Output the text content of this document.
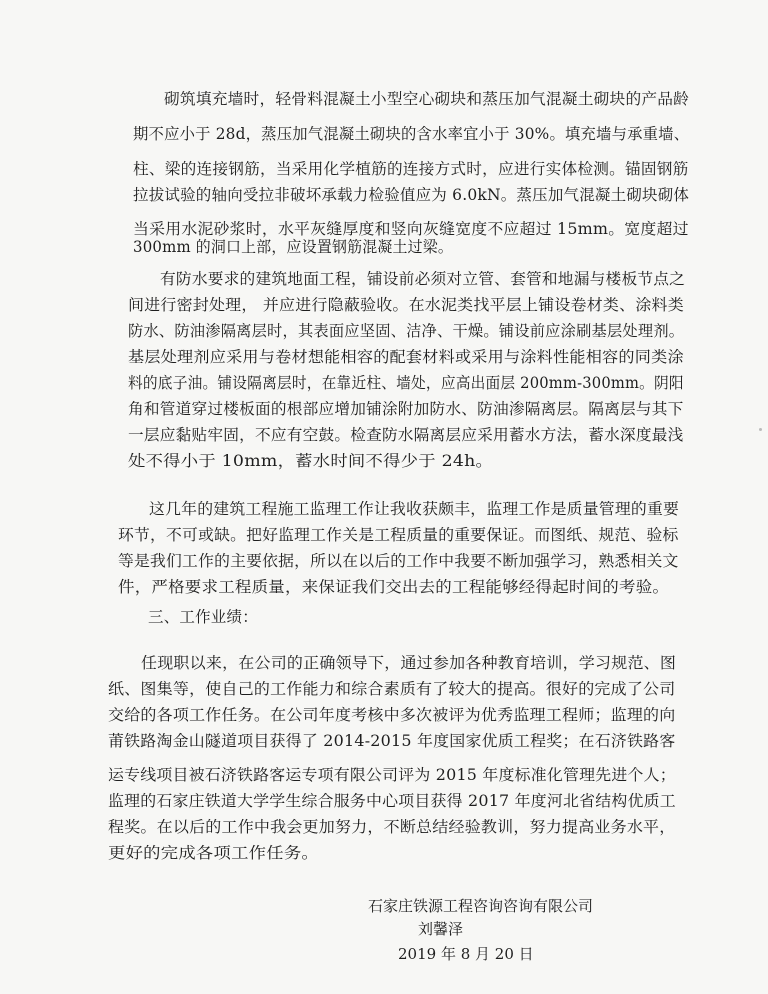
砌筑填充墙时，轻骨料混凝土小型空心砌块和蒸压加气混凝土砌块的产品龄
期不应小于 28d，蒸压加气混凝土砌块的含水率宜小于 30%。填充墙与承重墙、
柱、梁的连接钢筋，当采用化学植筋的连接方式时，应进行实体检测。锚固钢筋
拉拔试验的轴向受拉非破坏承载力检验值应为 6.0kN。蒸压加气混凝土砌块砌体
当采用水泥砂浆时，水平灰缝厚度和竖向灰缝宽度不应超过 15mm。宽度超过
300mm 的洞口上部，应设置钢筋混凝土过梁。
有防水要求的建筑地面工程，铺设前必须对立管、套管和地漏与楼板节点之
间进行密封处理， 并应进行隐蔽验收。在水泥类找平层上铺设卷材类、涂料类
防水、防油渗隔离层时，其表面应坚固、洁净、干燥。铺设前应涂刷基层处理剂。
基层处理剂应采用与卷材想能相容的配套材料或采用与涂料性能相容的同类涂
料的底子油。铺设隔离层时，在靠近柱、墙处，应高出面层 200mm-300mm。阴阳
角和管道穿过楼板面的根部应增加铺涂附加防水、防油渗隔离层。隔离层与其下
一层应黏贴牢固，不应有空鼓。检查防水隔离层应采用蓄水方法，蓄水深度最浅
处不得小于 10mm，蓄水时间不得少于 24h。
这几年的建筑工程施工监理工作让我收获颇丰，监理工作是质量管理的重要
环节，不可或缺。把好监理工作关是工程质量的重要保证。而图纸、规范、验标
等是我们工作的主要依据，所以在以后的工作中我要不断加强学习，熟悉相关文
件，严格要求工程质量，来保证我们交出去的工程能够经得起时间的考验。
三、工作业绩：
任现职以来，在公司的正确领导下，通过参加各种教育培训，学习规范、图
纸、图集等，使自己的工作能力和综合素质有了较大的提高。很好的完成了公司
交给的各项工作任务。在公司年度考核中多次被评为优秀监理工程师；监理的向
莆铁路淘金山隧道项目获得了 2014-2015 年度国家优质工程奖；在石济铁路客
运专线项目被石济铁路客运专项有限公司评为 2015 年度标准化管理先进个人；
监理的石家庄铁道大学学生综合服务中心项目获得 2017 年度河北省结构优质工
程奖。在以后的工作中我会更加努力，不断总结经验教训，努力提高业务水平，
更好的完成各项工作任务。
石家庄铁源工程咨询咨询有限公司
刘馨泽
2019 年 8 月 20 日
